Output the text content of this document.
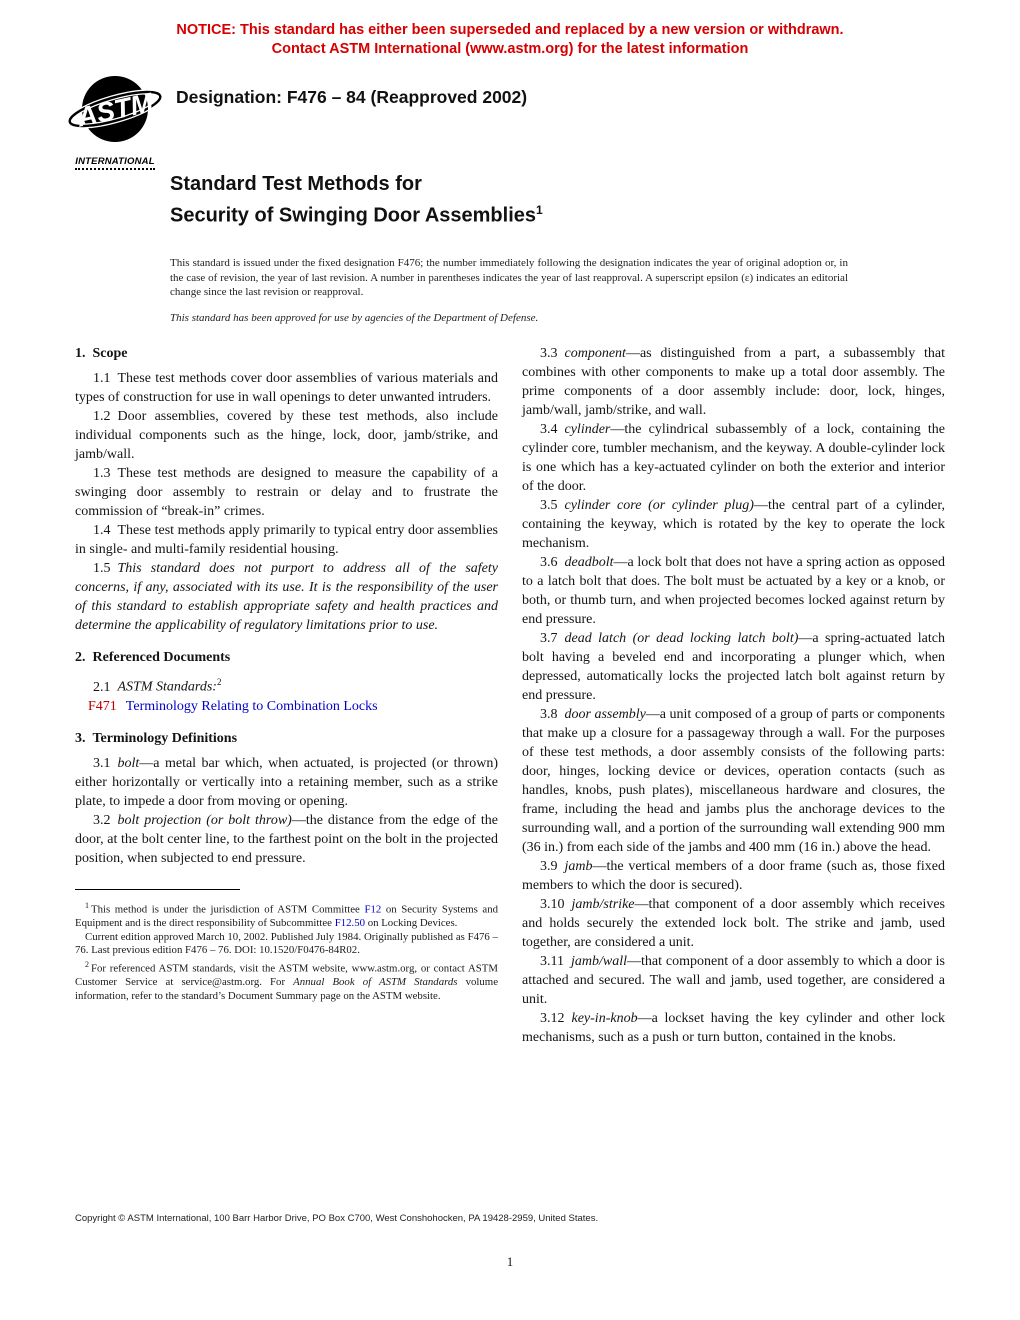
NOTICE: This standard has either been superseded and replaced by a new version or withdrawn.
Contact ASTM International (www.astm.org) for the latest information
ASTM
INTERNATIONAL
Designation: F476 – 84 (Reapproved 2002)
Standard Test Methods for
Security of Swinging Door Assemblies$^1$

This standard is issued under the fixed designation F476; the number immediately following the designation indicates the year of original adoption or, in the case of revision, the year of last revision. A number in parentheses indicates the year of last reapproval. A superscript epsilon (ε) indicates an editorial change since the last revision or reapproval.

This standard has been approved for use by agencies of the Department of Defense.

1.  Scope

1.1 These test methods cover door assemblies of various materials and types of construction for use in wall openings to deter unwanted intruders.

1.2 Door assemblies, covered by these test methods, also include individual components such as the hinge, lock, door, jamb/strike, and jamb/wall.

1.3 These test methods are designed to measure the capability of a swinging door assembly to restrain or delay and to frustrate the commission of “break-in” crimes.

1.4 These test methods apply primarily to typical entry door assemblies in single- and multi-family residential housing.

1.5 This standard does not purport to address all of the safety concerns, if any, associated with its use. It is the responsibility of the user of this standard to establish appropriate safety and health practices and determine the applicability of regulatory limitations prior to use.

2.  Referenced Documents

2.1 ASTM Standards:$^2$

F471 Terminology Relating to Combination Locks

3.  Terminology Definitions

3.1 bolt—a metal bar which, when actuated, is projected (or thrown) either horizontally or vertically into a retaining member, such as a strike plate, to impede a door from moving or opening.

3.2 bolt projection (or bolt throw)—the distance from the edge of the door, at the bolt center line, to the farthest point on the bolt in the projected position, when subjected to end pressure.

$^1$ This method is under the jurisdiction of ASTM Committee F12 on Security Systems and Equipment and is the direct responsibility of Subcommittee F12.50 on Locking Devices.

Current edition approved March 10, 2002. Published July 1984. Originally published as F476 – 76. Last previous edition F476 – 76. DOI: 10.1520/F0476-84R02.

$^2$ For referenced ASTM standards, visit the ASTM website, www.astm.org, or contact ASTM Customer Service at service@astm.org. For Annual Book of ASTM Standards volume information, refer to the standard’s Document Summary page on the ASTM website.

3.3 component—as distinguished from a part, a subassembly that combines with other components to make up a total door assembly. The prime components of a door assembly include: door, lock, hinges, jamb/wall, jamb/strike, and wall.

3.4 cylinder—the cylindrical subassembly of a lock, containing the cylinder core, tumbler mechanism, and the keyway. A double-cylinder lock is one which has a key-actuated cylinder on both the exterior and interior of the door.

3.5 cylinder core (or cylinder plug)—the central part of a cylinder, containing the keyway, which is rotated by the key to operate the lock mechanism.

3.6 deadbolt—a lock bolt that does not have a spring action as opposed to a latch bolt that does. The bolt must be actuated by a key or a knob, or both, or thumb turn, and when projected becomes locked against return by end pressure.

3.7 dead latch (or dead locking latch bolt)—a spring-actuated latch bolt having a beveled end and incorporating a plunger which, when depressed, automatically locks the projected latch bolt against return by end pressure.

3.8 door assembly—a unit composed of a group of parts or components that make up a closure for a passageway through a wall. For the purposes of these test methods, a door assembly consists of the following parts: door, hinges, locking device or devices, operation contacts (such as handles, knobs, push plates), miscellaneous hardware and closures, the frame, including the head and jambs plus the anchorage devices to the surrounding wall, and a portion of the surrounding wall extending 900 mm (36 in.) from each side of the jambs and 400 mm (16 in.) above the head.

3.9 jamb—the vertical members of a door frame (such as, those fixed members to which the door is secured).

3.10 jamb/strike—that component of a door assembly which receives and holds securely the extended lock bolt. The strike and jamb, used together, are considered a unit.

3.11 jamb/wall—that component of a door assembly to which a door is attached and secured. The wall and jamb, used together, are considered a unit.

3.12 key-in-knob—a lockset having the key cylinder and other lock mechanisms, such as a push or turn button, contained in the knobs.

Copyright © ASTM International, 100 Barr Harbor Drive, PO Box C700, West Conshohocken, PA 19428-2959, United States.
1
